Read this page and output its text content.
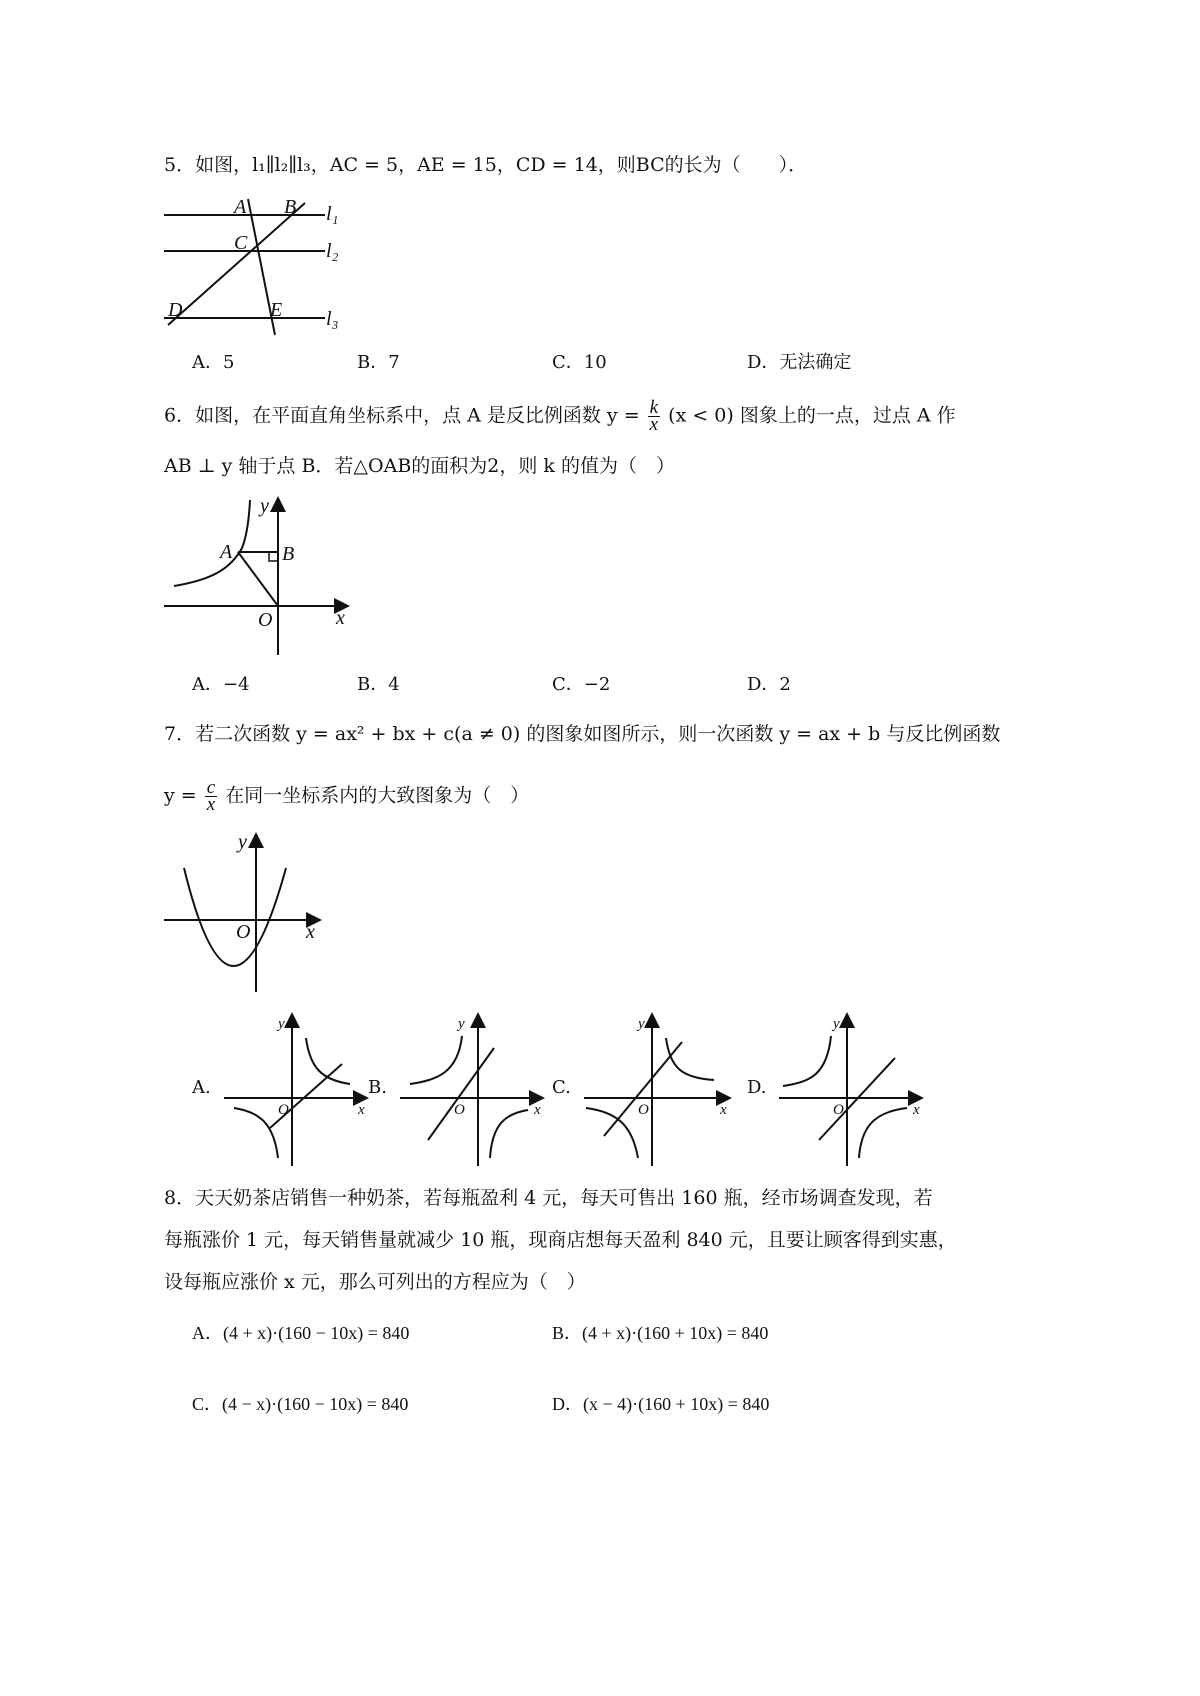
5．如图，l₁∥l₂∥l₃，AC = 5，AE = 15，CD = 14，则BC的长为（　　）．
A B
C
D	E
l₁
l₂
l₃
A．5	B．7	C．10	D．无法确定
6．如图，在平面直角坐标系中，点 A 是反比例函数 $y = \frac{k}{x} (x < 0)$ 图象上的一点，过点 A 作
AB ⊥ y 轴于点 B．若△OAB的面积为2，则 k 的值为（　）
y
x
O
A B
A．−4	B．4	C．−2	D．2
7．若二次函数 y = ax² + bx + c(a ≠ 0) 的图象如图所示，则一次函数 y = ax + b 与反比例函数
$y = \frac{c}{x}$ 在同一坐标系内的大致图象为（　）
y
x
O
A.
y
x
O
B.
y
x
O
C.
y
x
O
D.
y
x
O
8．天天奶茶店销售一种奶茶，若每瓶盈利 4 元，每天可售出 160 瓶，经市场调查发现，若
每瓶涨价 1 元，每天销售量就减少 10 瓶，现商店想每天盈利 840 元，且要让顾客得到实惠，
设每瓶应涨价 x 元，那么可列出的方程应为（　）
A．(4 + x)·(160 − 10x) = 840	B．(4 + x)·(160 + 10x) = 840
C．(4 − x)·(160 − 10x) = 840	D．(x − 4)·(160 + 10x) = 840
